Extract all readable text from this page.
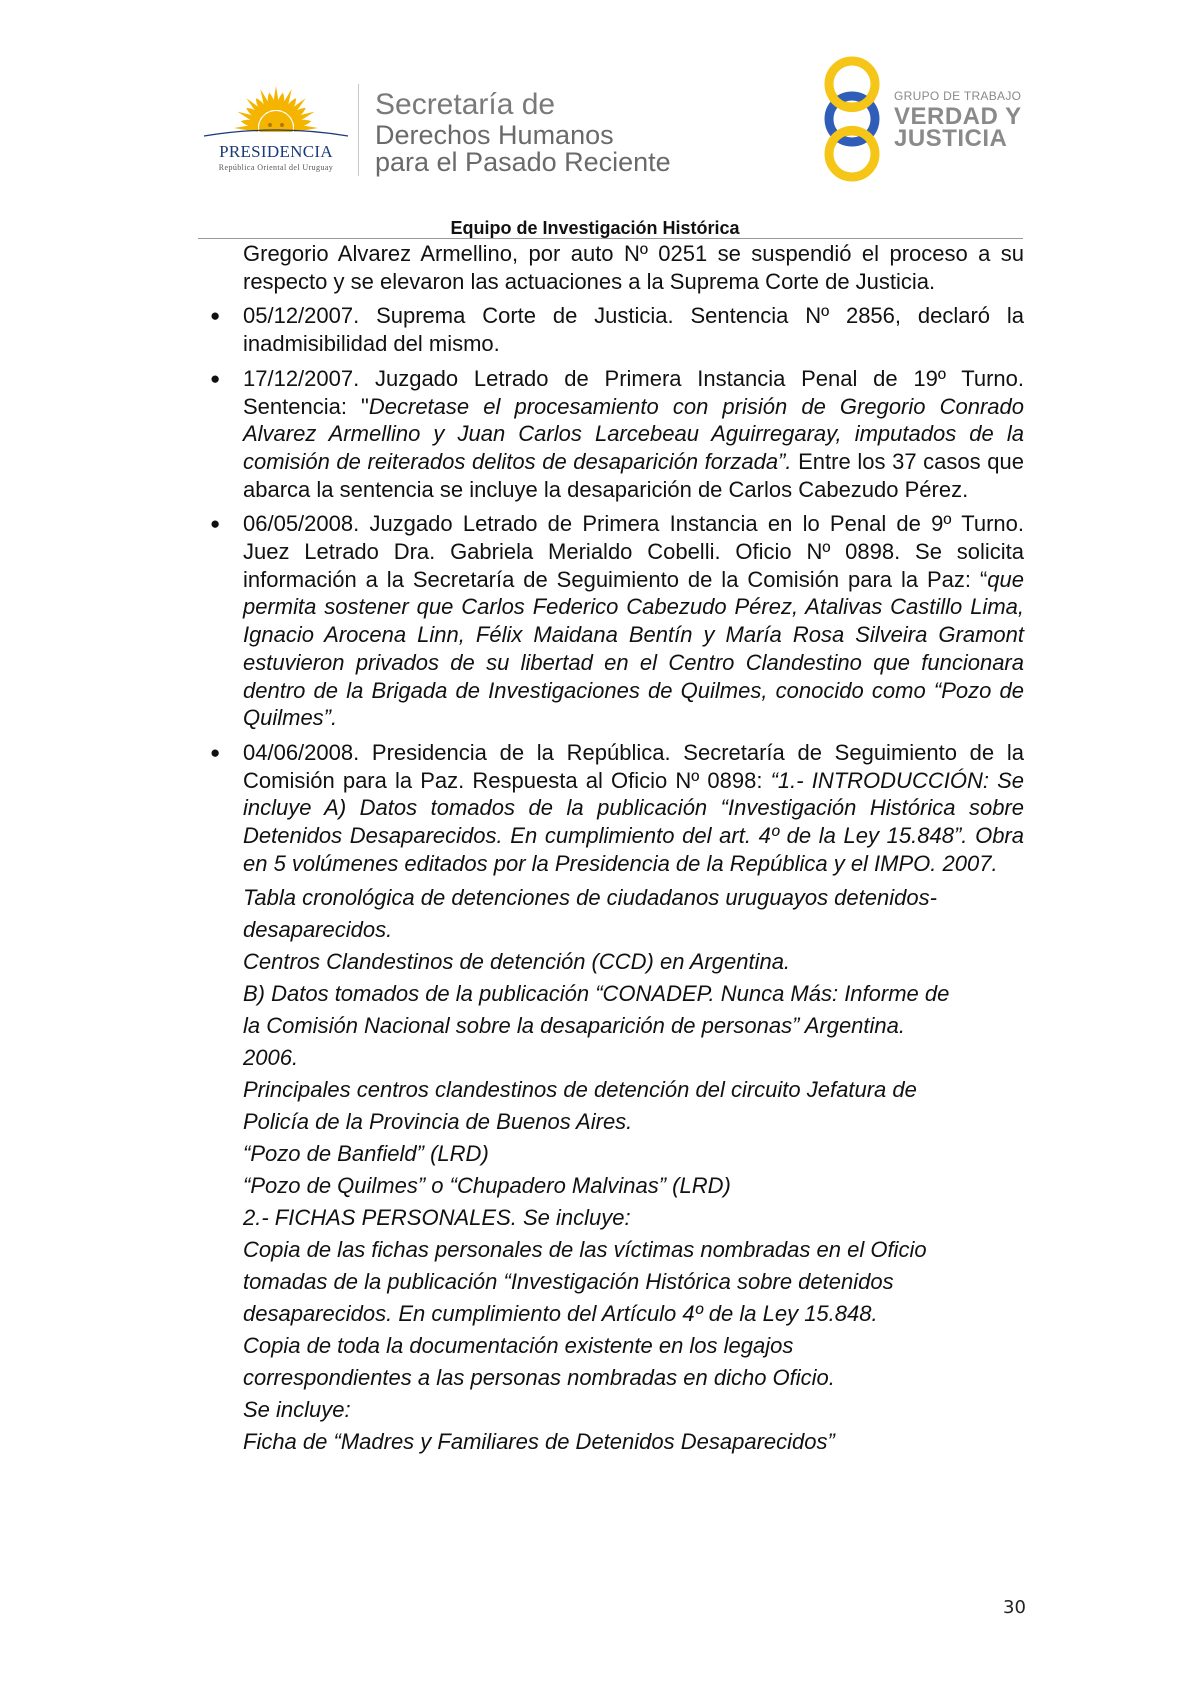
PRESIDENCIA
República Oriental del Uruguay
Secretaría de
Derechos Humanos
para el Pasado Reciente
GRUPO DE TRABAJO
VERDAD Y
JUSTICIA
Equipo de Investigación Histórica

Gregorio Alvarez Armellino, por auto Nº 0251 se suspendió el proceso a su respecto y se elevaron las actuaciones a la Suprema Corte de Justicia.

● 05/12/2007. Suprema Corte de Justicia. Sentencia Nº 2856, declaró la inadmisibilidad del mismo.
● 17/12/2007. Juzgado Letrado de Primera Instancia Penal de 19º Turno. Sentencia: "Decretase el procesamiento con prisión de Gregorio Conrado Alvarez Armellino y Juan Carlos Larcebeau Aguirregaray, imputados de la comisión de reiterados delitos de desaparición forzada”. Entre los 37 casos que abarca la sentencia se incluye la desaparición de Carlos Cabezudo Pérez.
● 06/05/2008. Juzgado Letrado de Primera Instancia en lo Penal de 9º Turno. Juez Letrado Dra. Gabriela Merialdo Cobelli. Oficio Nº 0898. Se solicita información a la Secretaría de Seguimiento de la Comisión para la Paz: “que permita sostener que Carlos Federico Cabezudo Pérez, Atalivas Castillo Lima, Ignacio Arocena Linn, Félix Maidana Bentín y María Rosa Silveira Gramont estuvieron privados de su libertad en el Centro Clandestino que funcionara dentro de la Brigada de Investigaciones de Quilmes, conocido como “Pozo de Quilmes”.
● 04/06/2008. Presidencia de la República. Secretaría de Seguimiento de la Comisión para la Paz. Respuesta al Oficio Nº 0898: “1.- INTRODUCCIÓN: Se incluye A) Datos tomados de la publicación “Investigación Histórica sobre Detenidos Desaparecidos. En cumplimiento del art. 4º de la Ley 15.848”. Obra en 5 volúmenes editados por la Presidencia de la República y el IMPO. 2007.

Tabla cronológica de detenciones de ciudadanos uruguayos detenidos-

desaparecidos.

Centros Clandestinos de detención (CCD) en Argentina.

B) Datos tomados de la publicación “CONADEP. Nunca Más: Informe de

la Comisión Nacional sobre la desaparición de personas” Argentina.

2006.

Principales centros clandestinos de detención del circuito Jefatura de

Policía de la Provincia de Buenos Aires.

“Pozo de Banfield” (LRD)

“Pozo de Quilmes” o “Chupadero Malvinas” (LRD)

2.- FICHAS PERSONALES. Se incluye:

Copia de las fichas personales de las víctimas nombradas en el Oficio

tomadas de la publicación “Investigación Histórica sobre detenidos

desaparecidos. En cumplimiento del Artículo 4º de la Ley 15.848.

Copia de toda la documentación existente en los legajos

correspondientes a las personas nombradas en dicho Oficio.

Se incluye:

Ficha de “Madres y Familiares de Detenidos Desaparecidos”

30
